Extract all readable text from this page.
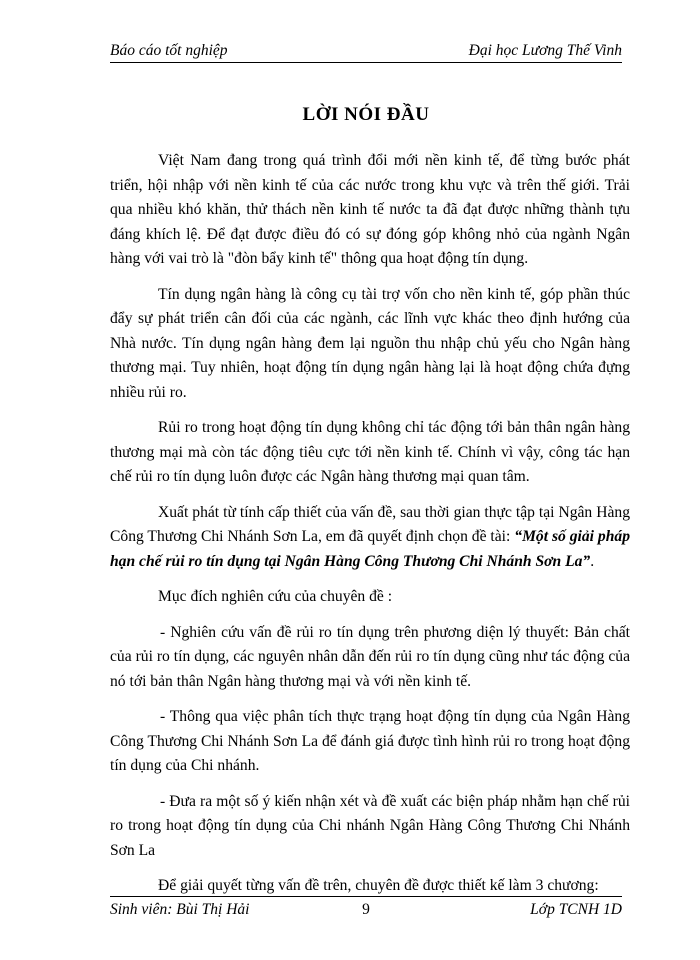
Báo cáo tốt nghiệp	Đại học Lương Thế Vinh
LỜI NÓI ĐẦU

Việt Nam đang trong quá trình đổi mới nền kinh tế, để từng bước phát triển, hội nhập với nền kinh tế của các nước trong khu vực và trên thế giới. Trải qua nhiều khó khăn, thử thách nền kinh tế nước ta đã đạt được những thành tựu đáng khích lệ. Để đạt được điều đó có sự đóng góp không nhỏ của ngành Ngân hàng với vai trò là "đòn bẩy kinh tế" thông qua hoạt động tín dụng.

Tín dụng ngân hàng là công cụ tài trợ vốn cho nền kinh tế, góp phần thúc đẩy sự phát triển cân đối của các ngành, các lĩnh vực khác theo định hướng của Nhà nước. Tín dụng ngân hàng đem lại nguồn thu nhập chủ yếu cho Ngân hàng thương mại. Tuy nhiên, hoạt động tín dụng ngân hàng lại là hoạt động chứa đựng nhiều rủi ro.

Rủi ro trong hoạt động tín dụng không chỉ tác động tới bản thân ngân hàng thương mại mà còn tác động tiêu cực tới nền kinh tế. Chính vì vậy, công tác hạn chế rủi ro tín dụng luôn được các Ngân hàng thương mại quan tâm.

Xuất phát từ tính cấp thiết của vấn đề, sau thời gian thực tập tại Ngân Hàng Công Thương Chi Nhánh Sơn La, em đã quyết định chọn đề tài: “Một số giải pháp hạn chế rủi ro tín dụng tại Ngân Hàng Công Thương Chi Nhánh Sơn La”.

Mục đích nghiên cứu của chuyên đề :

- Nghiên cứu vấn đề rủi ro tín dụng trên phương diện lý thuyết: Bản chất của rủi ro tín dụng, các nguyên nhân dẫn đến rủi ro tín dụng cũng như tác động của nó tới bản thân Ngân hàng thương mại và với nền kinh tế.

- Thông qua việc phân tích thực trạng hoạt động tín dụng của Ngân Hàng Công Thương Chi Nhánh Sơn La để đánh giá được tình hình rủi ro trong hoạt động tín dụng của Chi nhánh.

- Đưa ra một số ý kiến nhận xét và đề xuất các biện pháp nhằm hạn chế rủi ro trong hoạt động tín dụng của Chi nhánh Ngân Hàng Công Thương Chi Nhánh Sơn La

Để giải quyết từng vấn đề trên, chuyên đề được thiết kế làm 3 chương:

Sinh viên: Bùi Thị Hải	9	Lớp TCNH 1D
